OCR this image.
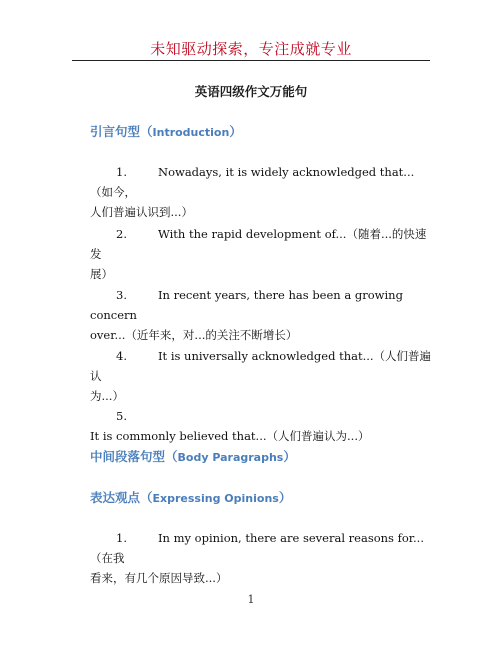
未知驱动探索，专注成就专业
英语四级作文万能句
引言句型（Introduction）
1.	Nowadays, it is widely acknowledged that...（如今，
人们普遍认识到...）
2.	With the rapid development of...（随着...的快速发
展）
3.	In recent years, there has been a growing concern
over...（近年来，对...的关注不断增长）
4.	It is universally acknowledged that...（人们普遍认
为...）
5.It is commonly believed that...（人们普遍认为...）
中间段落句型（Body Paragraphs）
表达观点（Expressing Opinions）
1.	In my opinion, there are several reasons for...（在我
看来，有几个原因导致...）
1
